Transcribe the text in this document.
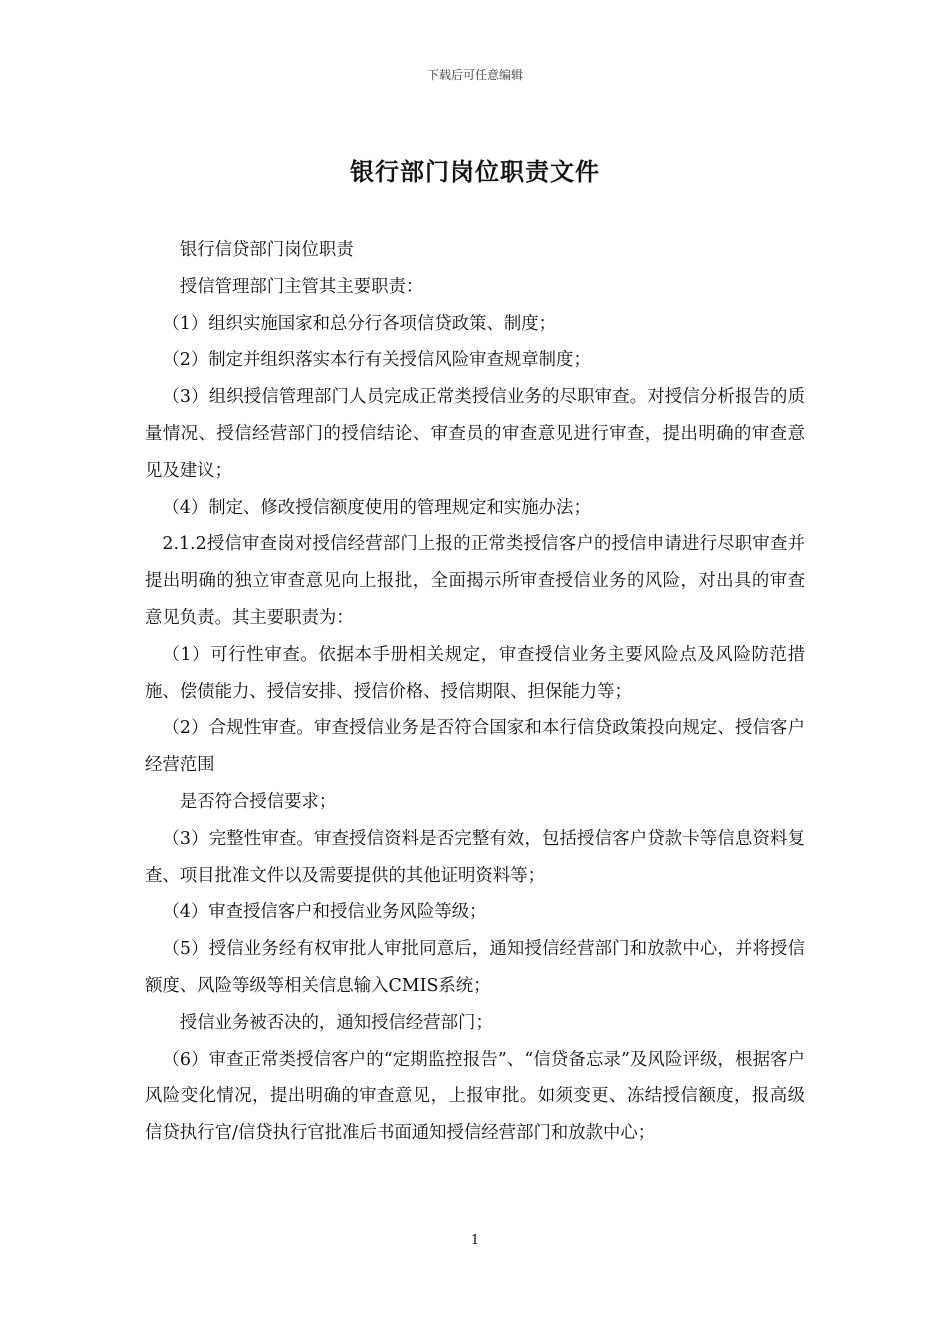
下载后可任意编辑
银行部门岗位职责文件

银行信贷部门岗位职责

授信管理部门主管其主要职责：

（1）组织实施国家和总分行各项信贷政策、制度；

（2）制定并组织落实本行有关授信风险审查规章制度；

（3）组织授信管理部门人员完成正常类授信业务的尽职审查。对授信分析报告的质量情况、授信经营部门的授信结论、审查员的审查意见进行审查，提出明确的审查意见及建议；

（4）制定、修改授信额度使用的管理规定和实施办法；

2.1.2授信审查岗对授信经营部门上报的正常类授信客户的授信申请进行尽职审查并提出明确的独立审查意见向上报批，全面揭示所审查授信业务的风险，对出具的审查意见负责。其主要职责为：

（1）可行性审查。依据本手册相关规定，审查授信业务主要风险点及风险防范措施、偿债能力、授信安排、授信价格、授信期限、担保能力等；

（2）合规性审查。审查授信业务是否符合国家和本行信贷政策投向规定、授信客户经营范围

是否符合授信要求；

（3）完整性审查。审查授信资料是否完整有效，包括授信客户贷款卡等信息资料复查、项目批准文件以及需要提供的其他证明资料等；

（4）审查授信客户和授信业务风险等级；

（5）授信业务经有权审批人审批同意后，通知授信经营部门和放款中心，并将授信额度、风险等级等相关信息输入CMIS系统；

授信业务被否决的，通知授信经营部门；

（6）审查正常类授信客户的“定期监控报告”、“信贷备忘录”及风险评级，根据客户风险变化情况，提出明确的审查意见，上报审批。如须变更、冻结授信额度，报高级信贷执行官/信贷执行官批准后书面通知授信经营部门和放款中心；

1
